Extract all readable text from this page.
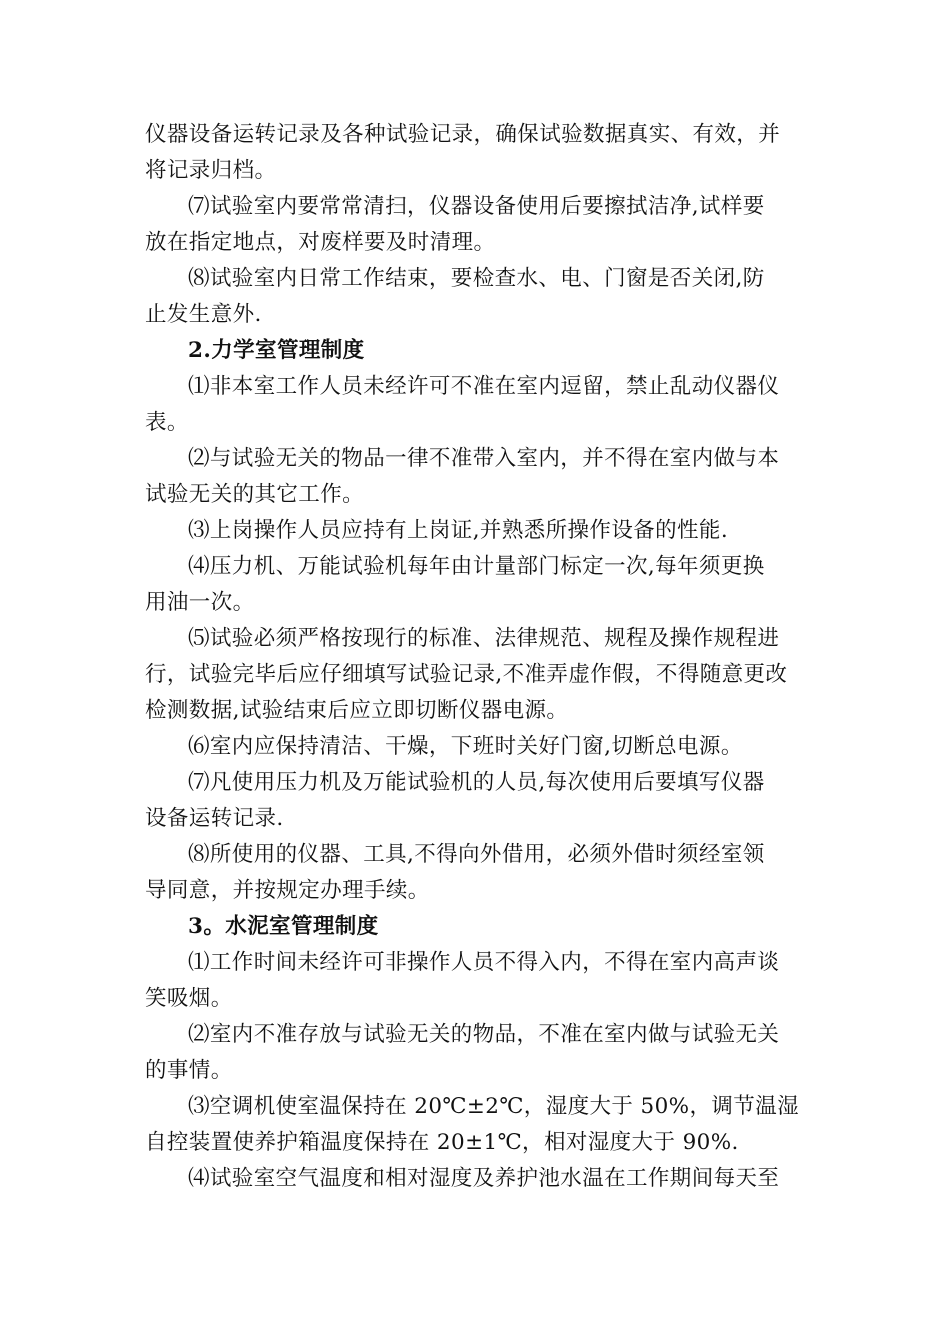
仪器设备运转记录及各种试验记录，确保试验数据真实、有效，并
将记录归档。
⑺试验室内要常常清扫，仪器设备使用后要擦拭洁净,试样要
放在指定地点，对废样要及时清理。
⑻试验室内日常工作结束，要检查水、电、门窗是否关闭,防
止发生意外.
2.力学室管理制度
⑴非本室工作人员未经许可不准在室内逗留，禁止乱动仪器仪
表。
⑵与试验无关的物品一律不准带入室内，并不得在室内做与本
试验无关的其它工作。
⑶上岗操作人员应持有上岗证,并熟悉所操作设备的性能.
⑷压力机、万能试验机每年由计量部门标定一次,每年须更换
用油一次。
⑸试验必须严格按现行的标准、法律规范、规程及操作规程进
行，试验完毕后应仔细填写试验记录,不准弄虚作假，不得随意更改
检测数据,试验结束后应立即切断仪器电源。
⑹室内应保持清洁、干燥，下班时关好门窗,切断总电源。
⑺凡使用压力机及万能试验机的人员,每次使用后要填写仪器
设备运转记录.
⑻所使用的仪器、工具,不得向外借用，必须外借时须经室领
导同意，并按规定办理手续。
3。水泥室管理制度
⑴工作时间未经许可非操作人员不得入内，不得在室内高声谈
笑吸烟。
⑵室内不准存放与试验无关的物品，不准在室内做与试验无关
的事情。
⑶空调机使室温保持在 20℃±2℃，湿度大于 50%，调节温湿
自控装置使养护箱温度保持在 20±1℃，相对湿度大于 90%.
⑷试验室空气温度和相对湿度及养护池水温在工作期间每天至
